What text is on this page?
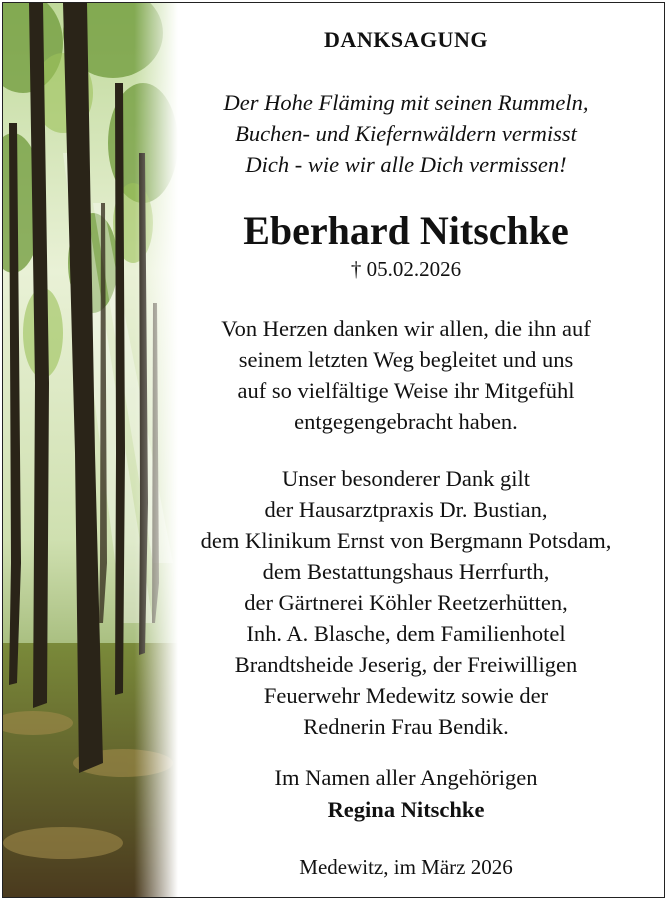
DANKSAGUNG
Der Hohe Fläming mit seinen Rummeln,
Buchen- und Kiefernwäldern vermisst
Dich - wie wir alle Dich vermissen!
Eberhard Nitschke
† 05.02.2026
Von Herzen danken wir allen, die ihn auf
seinem letzten Weg begleitet und uns
auf so vielfältige Weise ihr Mitgefühl
entgegengebracht haben.
Unser besonderer Dank gilt
der Hausarztpraxis Dr. Bustian,
dem Klinikum Ernst von Bergmann Potsdam,
dem Bestattungshaus Herrfurth,
der Gärtnerei Köhler Reetzerhütten,
Inh. A. Blasche, dem Familienhotel
Brandtsheide Jeserig, der Freiwilligen
Feuerwehr Medewitz sowie der
Rednerin Frau Bendik.
Im Namen aller Angehörigen
Regina Nitschke
Medewitz, im März 2026
